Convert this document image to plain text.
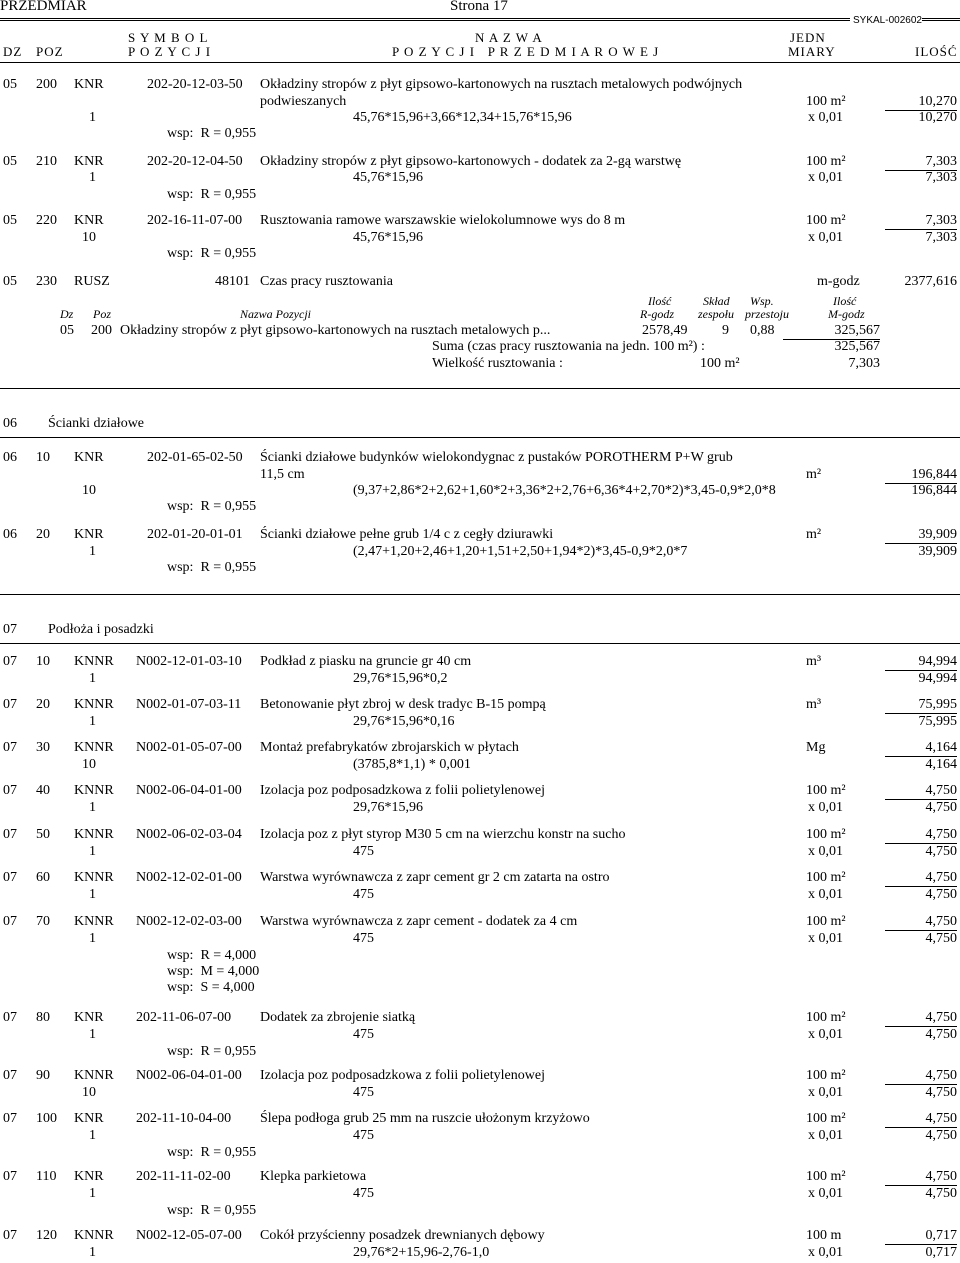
PRZEDMIAR	Strona 17
SYKAL-002602
S Y M B O L	N A Z W A	JEDN
DZ POZ	P O Z Y C J I	P O Z Y C J I   P R Z E D M I A R O W E J	MIARY	ILOŚĆ
05 200 KNR	202-20-12-03-50 Okładziny stropów z płyt gipsowo-kartonowych na rusztach metalowych podwójnych
podwieszanych	100 m²	10,270
1	45,76*15,96+3,66*12,34+15,76*15,96	x 0,01	10,270
wsp:  R = 0,955
05 210 KNR	202-20-12-04-50 Okładziny stropów z płyt gipsowo-kartonowych - dodatek za 2-gą warstwę	100 m²	7,303
1	45,76*15,96	x 0,01	7,303
wsp:  R = 0,955
05 220 KNR	202-16-11-07-00 Rusztowania ramowe warszawskie wielokolumnowe wys do 8 m	100 m²	7,303
10	45,76*15,96	x 0,01	7,303
wsp:  R = 0,955
05 230 RUSZ	48101 Czas pracy rusztowania	m-godz	2377,616
Ilość	Skład Wsp.	Ilość
Dz Poz	Nazwa Pozycji	R-godz zespołu przestoju	M-godz
05 200 Okładziny stropów z płyt gipsowo-kartonowych na rusztach metalowych p...	2578,49 9 0,88	325,567
Suma (czas pracy rusztowania na jedn. 100 m²) :	325,567
Wielkość rusztowania :	100 m²	7,303
06 Ścianki działowe
06 10 KNR	202-01-65-02-50 Ścianki działowe budynków wielokondygnac z pustaków POROTHERM P+W grub
11,5 cm	m²	196,844
10	(9,37+2,86*2+2,62+1,60*2+3,36*2+2,76+6,36*4+2,70*2)*3,45-0,9*2,0*8	196,844
wsp:  R = 0,955
06 20 KNR	202-01-20-01-01 Ścianki działowe pełne grub 1/4 c z cegły dziurawki	m²	39,909
1	(2,47+1,20+2,46+1,20+1,51+2,50+1,94*2)*3,45-0,9*2,0*7	39,909
wsp:  R = 0,955
07 Podłoża i posadzki
07 10 KNNR N002-12-01-03-10 Podkład z piasku na gruncie gr 40 cm	m³	94,994
1	29,76*15,96*0,2	94,994
07 20 KNNR N002-01-07-03-11 Betonowanie płyt zbroj w desk tradyc B-15 pompą	m³	75,995
1	29,76*15,96*0,16	75,995
07 30 KNNR N002-01-05-07-00 Montaż prefabrykatów zbrojarskich w płytach	Mg	4,164
10	(3785,8*1,1) * 0,001	4,164
07 40 KNNR N002-06-04-01-00 Izolacja poz podposadzkowa z folii polietylenowej	100 m²	4,750
1	29,76*15,96	x 0,01	4,750
07 50 KNNR N002-06-02-03-04 Izolacja poz z płyt styrop M30 5 cm na wierzchu konstr na sucho	100 m²	4,750
1	475	x 0,01	4,750
07 60 KNNR N002-12-02-01-00 Warstwa wyrównawcza z zapr cement gr 2 cm zatarta na ostro	100 m²	4,750
1	475	x 0,01	4,750
07 70 KNNR N002-12-02-03-00 Warstwa wyrównawcza z zapr cement - dodatek za 4 cm	100 m²	4,750
1	475	x 0,01	4,750
wsp:  R = 4,000
wsp:  M = 4,000
wsp:  S = 4,000
07 80 KNR 202-11-06-07-00 Dodatek za zbrojenie siatką	100 m²	4,750
1	475	x 0,01	4,750
wsp:  R = 0,955
07 90 KNNR N002-06-04-01-00 Izolacja poz podposadzkowa z folii polietylenowej	100 m²	4,750
10	475	x 0,01	4,750
07 100 KNR 202-11-10-04-00 Ślepa podłoga grub 25 mm na ruszcie ułożonym krzyżowo	100 m²	4,750
1	475	x 0,01	4,750
wsp:  R = 0,955
07 110 KNR 202-11-11-02-00 Klepka parkietowa	100 m²	4,750
1	475	x 0,01	4,750
wsp:  R = 0,955
07 120 KNNR N002-12-05-07-00 Cokół przyścienny posadzek drewnianych dębowy	100 m	0,717
1	29,76*2+15,96-2,76-1,0	x 0,01	0,717
